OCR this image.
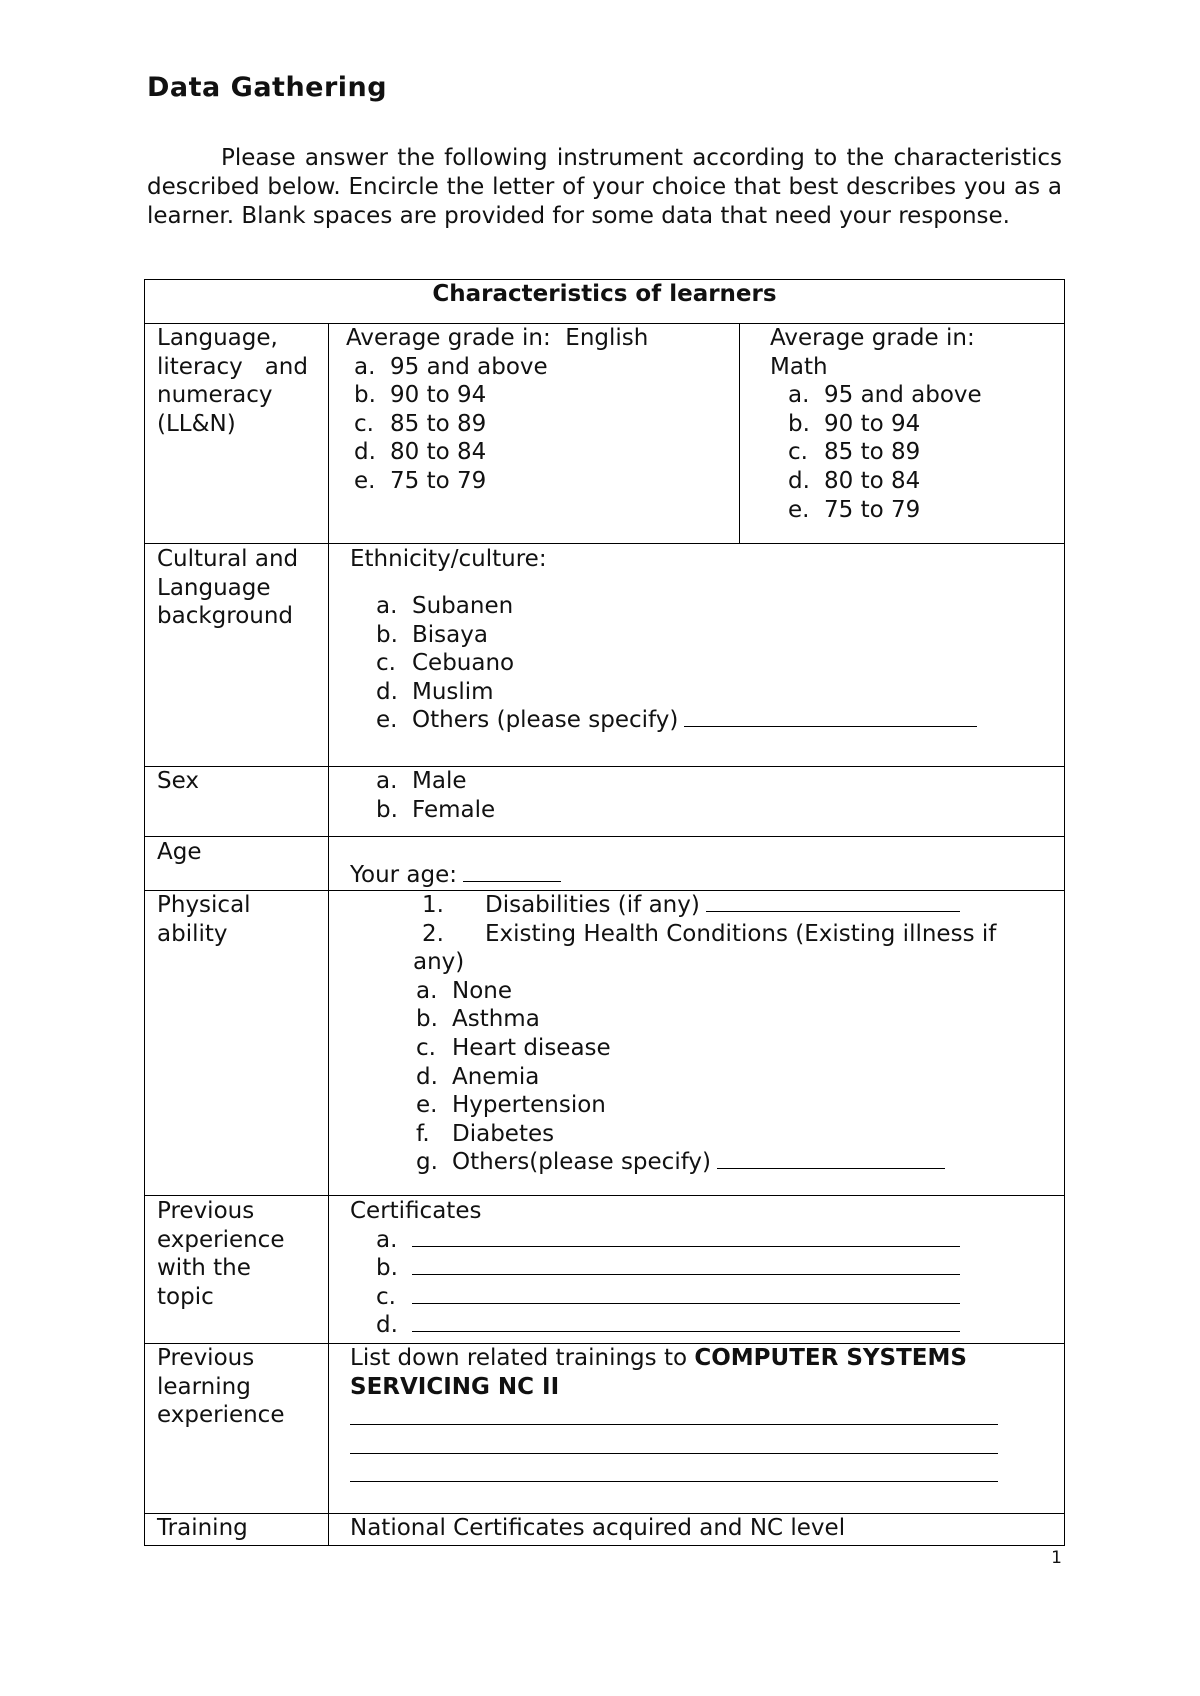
Data Gathering
Please answer the following instrument according to the characteristics described below. Encircle the letter of your choice that best describes you as a learner. Blank spaces are provided for some data that need your response.
Characteristics of learners
Language,
literacy   and
numeracy
(LL&N)
Average grade in:  English
a. 95 and above
b. 90 to 94
c. 85 to 89
d. 80 to 84
e. 75 to 79
Average grade in:
Math
a. 95 and above
b. 90 to 94
c. 85 to 89
d. 80 to 84
e. 75 to 79
Cultural and
Language
background
Ethnicity/culture:
a. Subanen
b. Bisaya
c. Cebuano
d. Muslim
e. Others (please specify)
Sex	a. Male
b. Female
Age
Your age:
Physical
ability
1. Disabilities (if any)
2. Existing Health Conditions (Existing illness if
any)
a. None
b. Asthma
c. Heart disease
d. Anemia
e. Hypertension
f. Diabetes
g. Others(please specify)
Previous
experience
with the
topic
Certificates
a.
b.
c.
d.
Previous
learning
experience
List down related trainings to COMPUTER SYSTEMS
SERVICING NC II
Training	National Certificates acquired and NC level
1
